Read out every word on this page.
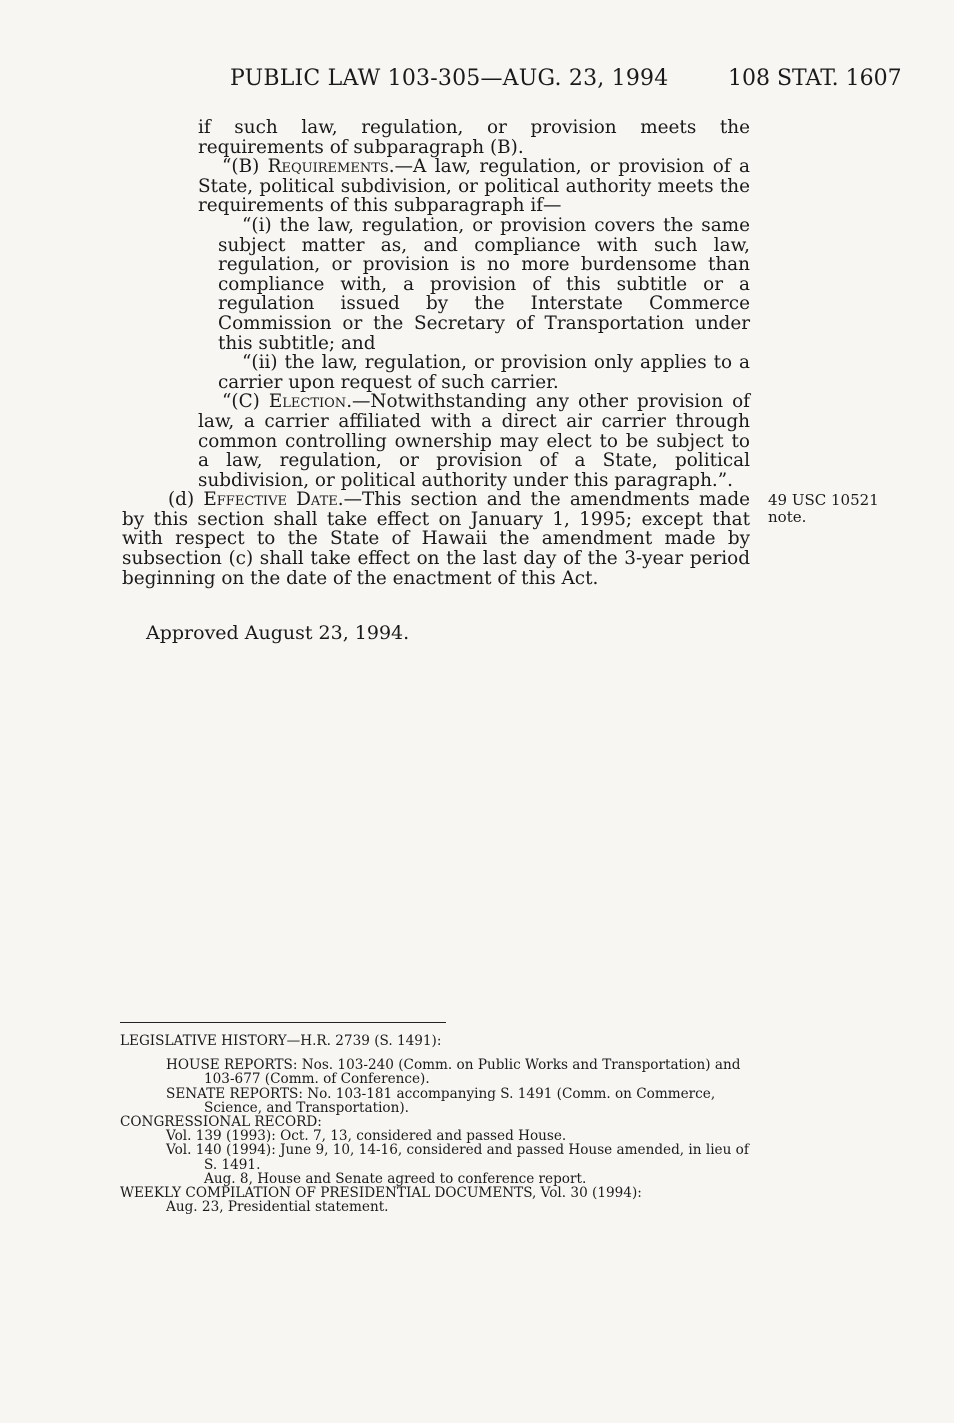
PUBLIC LAW 103-305—AUG. 23, 1994	108 STAT. 1607

if such law, regulation, or provision meets the requirements of subparagraph (B).

“(B) Requirements.—A law, regulation, or provision of a State, political subdivision, or political authority meets the requirements of this subparagraph if—

“(i) the law, regulation, or provision covers the same subject matter as, and compliance with such law, regulation, or provision is no more burdensome than compliance with, a provision of this subtitle or a regulation issued by the Interstate Commerce Commission or the Secretary of Transportation under this subtitle; and

“(ii) the law, regulation, or provision only applies to a carrier upon request of such carrier.

“(C) Election.—Notwithstanding any other provision of law, a carrier affiliated with a direct air carrier through common controlling ownership may elect to be subject to a law, regulation, or provision of a State, political subdivision, or political authority under this paragraph.”.

(d) Effective Date.—This section and the amendments made by this section shall take effect on January 1, 1995; except that with respect to the State of Hawaii the amendment made by subsection (c) shall take effect on the last day of the 3-year period beginning on the date of the enactment of this Act.

49 USC 10521
note.
Approved August 23, 1994.

LEGISLATIVE HISTORY—H.R. 2739 (S. 1491):

HOUSE REPORTS: Nos. 103-240 (Comm. on Public Works and Transportation) and 103-677 (Comm. of Conference).

SENATE REPORTS: No. 103-181 accompanying S. 1491 (Comm. on Commerce, Science, and Transportation).

CONGRESSIONAL RECORD:

Vol. 139 (1993): Oct. 7, 13, considered and passed House.

Vol. 140 (1994): June 9, 10, 14-16, considered and passed House amended, in lieu of S. 1491.

Aug. 8, House and Senate agreed to conference report.

WEEKLY COMPILATION OF PRESIDENTIAL DOCUMENTS, Vol. 30 (1994):

Aug. 23, Presidential statement.
